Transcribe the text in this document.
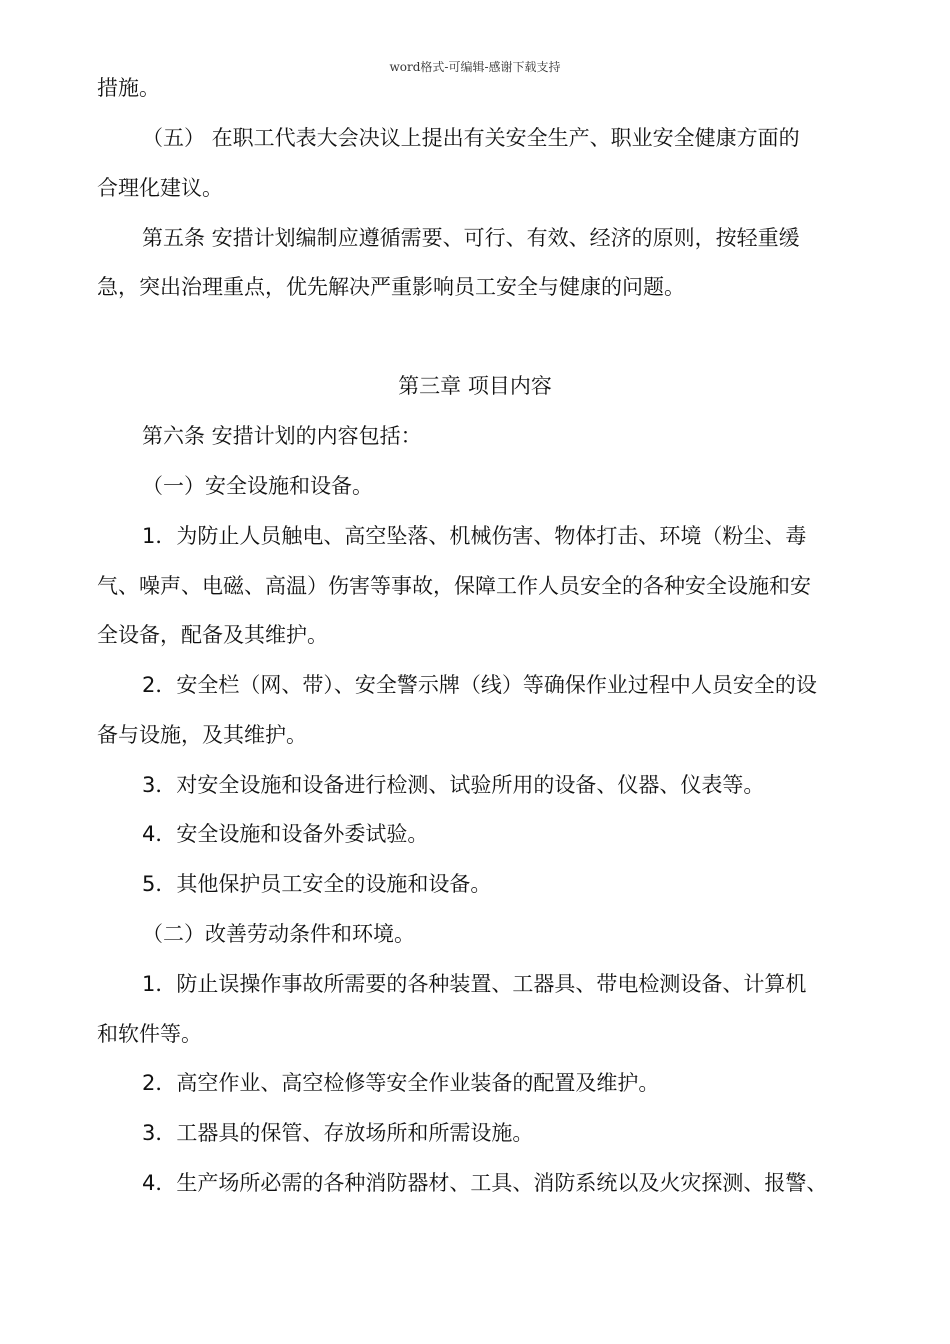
word格式-可编辑-感谢下载支持
措施。
（五） 在职工代表大会决议上提出有关安全生产、职业安全健康方面的
合理化建议。
第五条 安措计划编制应遵循需要、可行、有效、经济的原则，按轻重缓
急，突出治理重点，优先解决严重影响员工安全与健康的问题。
第三章 项目内容
第六条 安措计划的内容包括：
（一）安全设施和设备。
1．为防止人员触电、高空坠落、机械伤害、物体打击、环境（粉尘、毒
气、噪声、电磁、高温）伤害等事故，保障工作人员安全的各种安全设施和安
全设备，配备及其维护。
2．安全栏（网、带）、安全警示牌（线）等确保作业过程中人员安全的设
备与设施，及其维护。
3．对安全设施和设备进行检测、试验所用的设备、仪器、仪表等。
4．安全设施和设备外委试验。
5．其他保护员工安全的设施和设备。
（二）改善劳动条件和环境。
1．防止误操作事故所需要的各种装置、工器具、带电检测设备、计算机
和软件等。
2．高空作业、高空检修等安全作业装备的配置及维护。
3．工器具的保管、存放场所和所需设施。
4．生产场所必需的各种消防器材、工具、消防系统以及火灾探测、报警、
